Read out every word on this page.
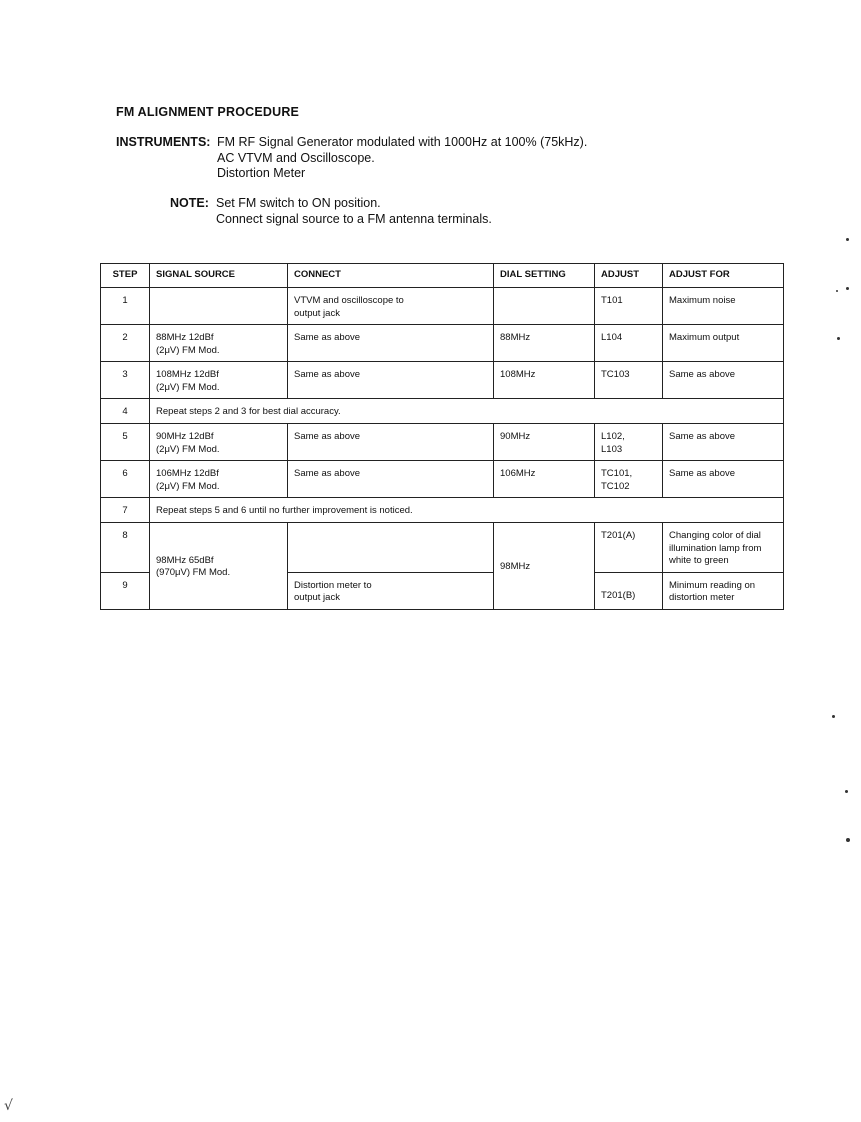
FM ALIGNMENT PROCEDURE
INSTRUMENTS: FM RF Signal Generator modulated with 1000Hz at 100% (75kHz).
AC VTVM and Oscilloscope.
Distortion Meter
NOTE: Set FM switch to ON position.
Connect signal source to a FM antenna terminals.
STEP	SIGNAL SOURCE	CONNECT	DIAL SETTING	ADJUST	ADJUST FOR
1		VTVM and oscilloscope to
output jack		T101	Maximum noise
2	88MHz 12dBf
(2μV) FM Mod.	Same as above	88MHz	L104	Maximum output
3	108MHz 12dBf
(2μV) FM Mod.	Same as above	108MHz	TC103	Same as above
4	Repeat steps 2 and 3 for best dial accuracy.				
5	90MHz 12dBf
(2μV) FM Mod.	Same as above	90MHz	L102,
L103	Same as above
6	106MHz 12dBf
(2μV) FM Mod.	Same as above	106MHz	TC101,
TC102	Same as above
7	Repeat steps 5 and 6 until no further improvement is noticed.				
8	98MHz 65dBf
(970μV) FM Mod.		98MHz	T201(A)	Changing color of dial
illumination lamp from
white to green

9		Distortion meter to
output jack		T201(B)	Minimum reading on
distortion meter
√
